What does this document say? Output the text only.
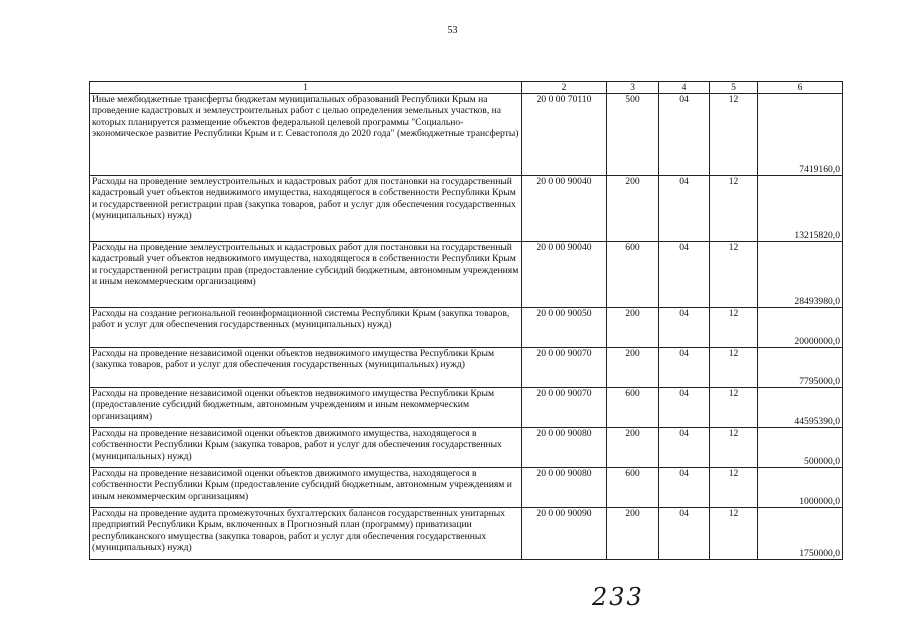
53
1	2	3	4	5	6
Иные межбюджетные трансферты бюджетам муниципальных образований Республики Крым на проведение кадастровых и землеустроительных работ с целью определения земельных участков, на которых планируется размещение объектов федеральной целевой программы "Социально-экономическое развитие Республики Крым и г. Севастополя до 2020 года" (межбюджетные трансферты)	20 0 00 70110	500	04	12	7419160,0
Расходы на проведение землеустроительных и кадастровых работ для постановки на государственный кадастровый учет объектов недвижимого имущества, находящегося в собственности Республики Крым и государственной регистрации прав (закупка товаров, работ и услуг для обеспечения государственных (муниципальных) нужд)	20 0 00 90040	200	04	12	13215820,0
Расходы на проведение землеустроительных и кадастровых работ для постановки на государственный кадастровый учет объектов недвижимого имущества, находящегося в собственности Республики Крым и государственной регистрации прав (предоставление субсидий бюджетным, автономным учреждениям и иным некоммерческим организациям)	20 0 00 90040	600	04	12	28493980,0
Расходы на создание региональной геоинформационной системы Республики Крым (закупка товаров, работ и услуг для обеспечения государственных (муниципальных) нужд)	20 0 00 90050	200	04	12	20000000,0
Расходы на проведение независимой оценки объектов недвижимого имущества Республики Крым (закупка товаров, работ и услуг для обеспечения государственных (муниципальных) нужд)	20 0 00 90070	200	04	12	7795000,0
Расходы на проведение независимой оценки объектов недвижимого имущества Республики Крым (предоставление субсидий бюджетным, автономным учреждениям и иным некоммерческим организациям)	20 0 00 90070	600	04	12	44595390,0
Расходы на проведение независимой оценки объектов движимого имущества, находящегося в собственности Республики Крым (закупка товаров, работ и услуг для обеспечения государственных (муниципальных) нужд)	20 0 00 90080	200	04	12	500000,0
Расходы на проведение независимой оценки объектов движимого имущества, находящегося в собственности Республики Крым (предоставление субсидий бюджетным, автономным учреждениям и иным некоммерческим организациям)	20 0 00 90080	600	04	12	1000000,0
Расходы на проведение аудита промежуточных бухгалтерских балансов государственных унитарных предприятий Республики Крым, включенных в Прогнозный план (программу) приватизации республиканского имущества (закупка товаров, работ и услуг для обеспечения государственных (муниципальных) нужд)	20 0 00 90090	200	04	12	1750000,0
233
